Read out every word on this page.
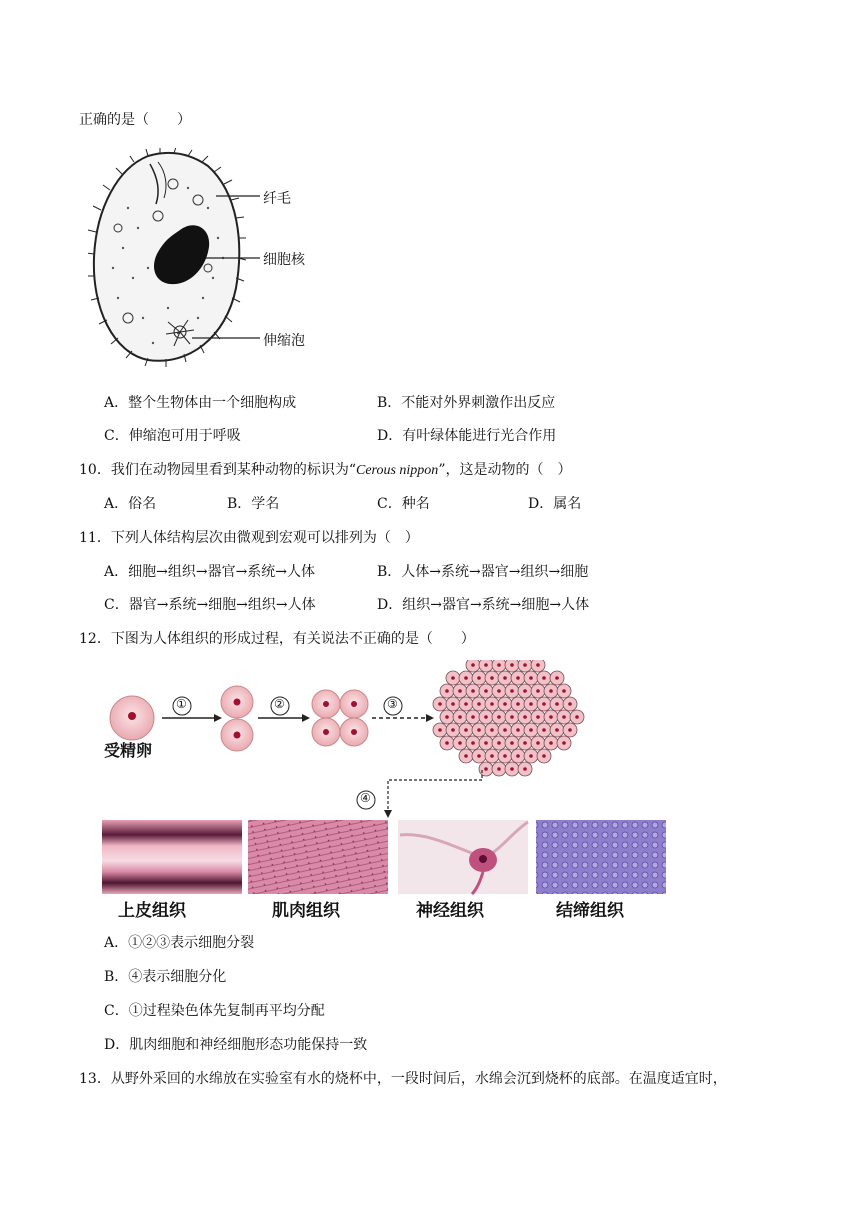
正确的是（　　）
纤毛
细胞核
伸缩泡
A．整个生物体由一个细胞构成	B．不能对外界刺激作出反应
C．伸缩泡可用于呼吸	D．有叶绿体能进行光合作用
10．我们在动物园里看到某种动物的标识为“Cerous nippon”，这是动物的（　）
A．俗名	B．学名	C．种名	D．属名
11．下列人体结构层次由微观到宏观可以排列为（　）
A．细胞→组织→器官→系统→人体	B．人体→系统→器官→组织→细胞
C．器官→系统→细胞→组织→人体	D．组织→器官→系统→细胞→人体
12．下图为人体组织的形成过程，有关说法不正确的是（　　）
受精卵
①	②	③
④
上皮组织	肌肉组织	神经组织	结缔组织
A．①②③表示细胞分裂
B．④表示细胞分化
C．①过程染色体先复制再平均分配
D．肌肉细胞和神经细胞形态功能保持一致
13．从野外采回的水绵放在实验室有水的烧杯中，一段时间后，水绵会沉到烧杯的底部。在温度适宜时，
